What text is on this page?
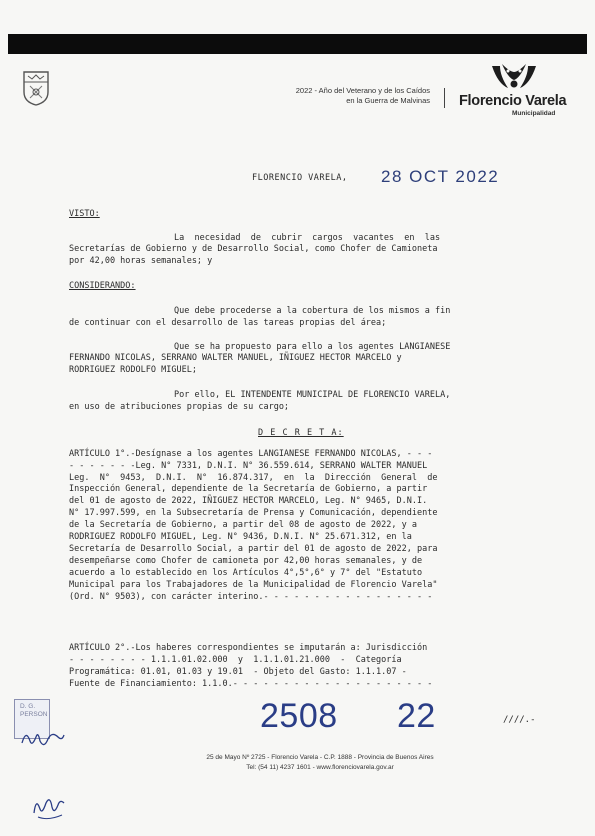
2022 - Año del Veterano y de los Caídos
en la Guerra de Malvinas Florencio Varela
Municipalidad
FLORENCIO VARELA, 28 OCT 2022
VISTO:
La  necesidad  de  cubrir  cargos  vacantes  en  las
Secretarías de Gobierno y de Desarrollo Social, como Chofer de Camioneta
por 42,00 horas semanales; y
CONSIDERANDO:
Que debe procederse a la cobertura de los mismos a fin
de continuar con el desarrollo de las tareas propias del área;
Que se ha propuesto para ello a los agentes LANGIANESE
FERNANDO NICOLAS, SERRANO WALTER MANUEL, IÑIGUEZ HECTOR MARCELO y
RODRIGUEZ RODOLFO MIGUEL;
Por ello, EL INTENDENTE MUNICIPAL DE FLORENCIO VARELA,
en uso de atribuciones propias de su cargo;
D E C R E T A:
ARTÍCULO 1°.-Desígnase a los agentes LANGIANESE FERNANDO NICOLAS, - - -
- - - - - - -Leg. N° 7331, D.N.I. N° 36.559.614, SERRANO WALTER MANUEL
Leg.  N°  9453,  D.N.I.  N°  16.874.317,  en  la  Dirección  General  de
Inspección General, dependiente de la Secretaría de Gobierno, a partir
del 01 de agosto de 2022, IÑIGUEZ HECTOR MARCELO, Leg. N° 9465, D.N.I.
N° 17.997.599, en la Subsecretaría de Prensa y Comunicación, dependiente
de la Secretaría de Gobierno, a partir del 08 de agosto de 2022, y a
RODRIGUEZ RODOLFO MIGUEL, Leg. N° 9436, D.N.I. N° 25.671.312, en la
Secretaría de Desarrollo Social, a partir del 01 de agosto de 2022, para
desempeñarse como Chofer de camioneta por 42,00 horas semanales, y de
acuerdo a lo establecido en los Artículos 4°,5°,6° y 7° del "Estatuto
Municipal para los Trabajadores de la Municipalidad de Florencio Varela"
(Ord. N° 9503), con carácter interino.- - - - - - - - - - - - - - - - -
ARTÍCULO 2°.-Los haberes correspondientes se imputarán a: Jurisdicción
- - - - - - - - 1.1.1.01.02.000  y  1.1.1.01.21.000  -  Categoría
Programática: 01.01, 01.03 y 19.01  - Objeto del Gasto: 1.1.1.07 -
Fuente de Financiamiento: 1.1.0.- - - - - - - - - - - - - - - - - - - -
2508 22	////.-
25 de Mayo Nº 2725 - Florencio Varela - C.P. 1888 - Provincia de Buenos Aires
Tel: (54 11) 4237 1601 - www.florenciovarela.gov.ar
D. G.
PERSON
